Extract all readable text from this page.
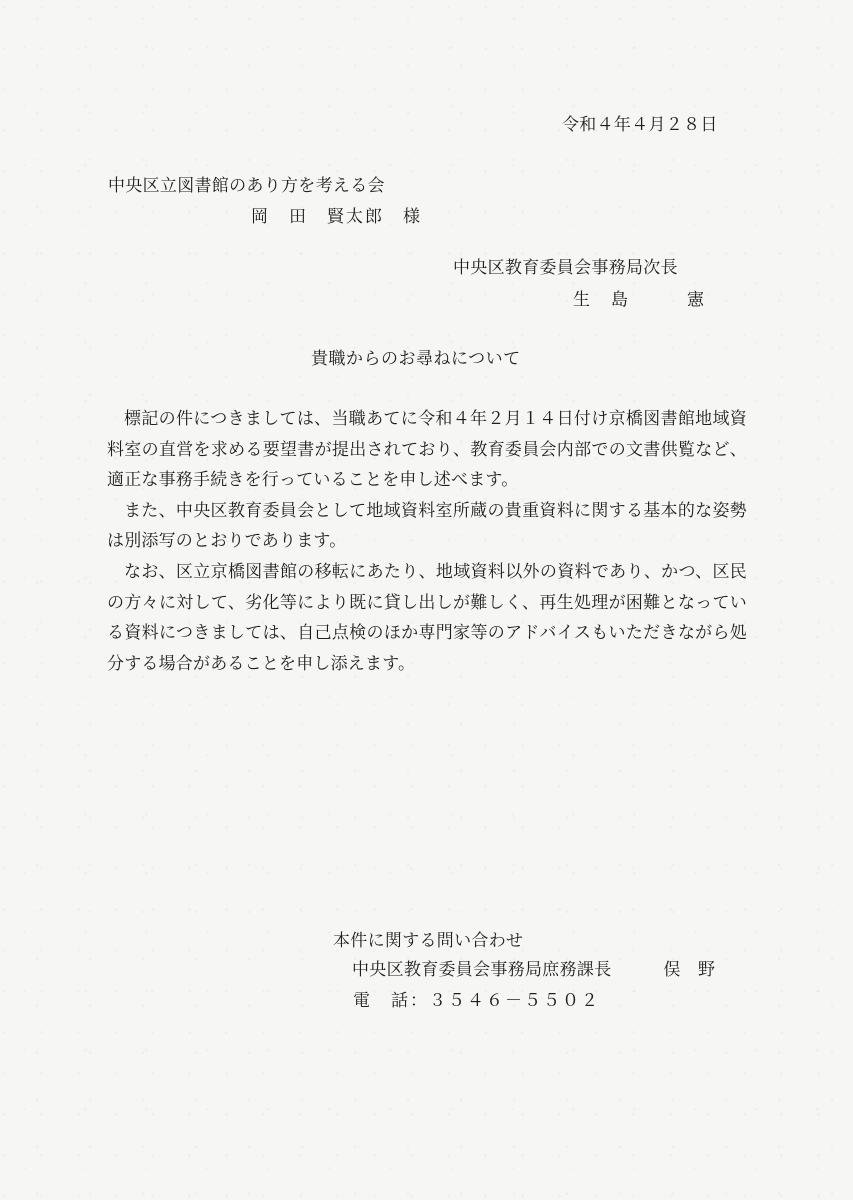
令和４年４月２８日
中央区立図書館のあり方を考える会
岡　田　賢太郎　様
中央区教育委員会事務局次長
生　島　　　憲
貴職からのお尋ねについて

標記の件につきましては、当職あてに令和４年２月１４日付け京橋図書館地域資料室の直営を求める要望書が提出されており、教育委員会内部での文書供覧など、適正な事務手続きを行っていることを申し述べます。

また、中央区教育委員会として地域資料室所蔵の貴重資料に関する基本的な姿勢は別添写のとおりであります。

なお、区立京橋図書館の移転にあたり、地域資料以外の資料であり、かつ、区民の方々に対して、劣化等により既に貸し出しが難しく、再生処理が困難となっている資料につきましては、自己点検のほか専門家等のアドバイスもいただきながら処分する場合があることを申し添えます。

本件に関する問い合わせ
中央区教育委員会事務局庶務課長　　　俣　野
電　話：３５４６－５５０２
